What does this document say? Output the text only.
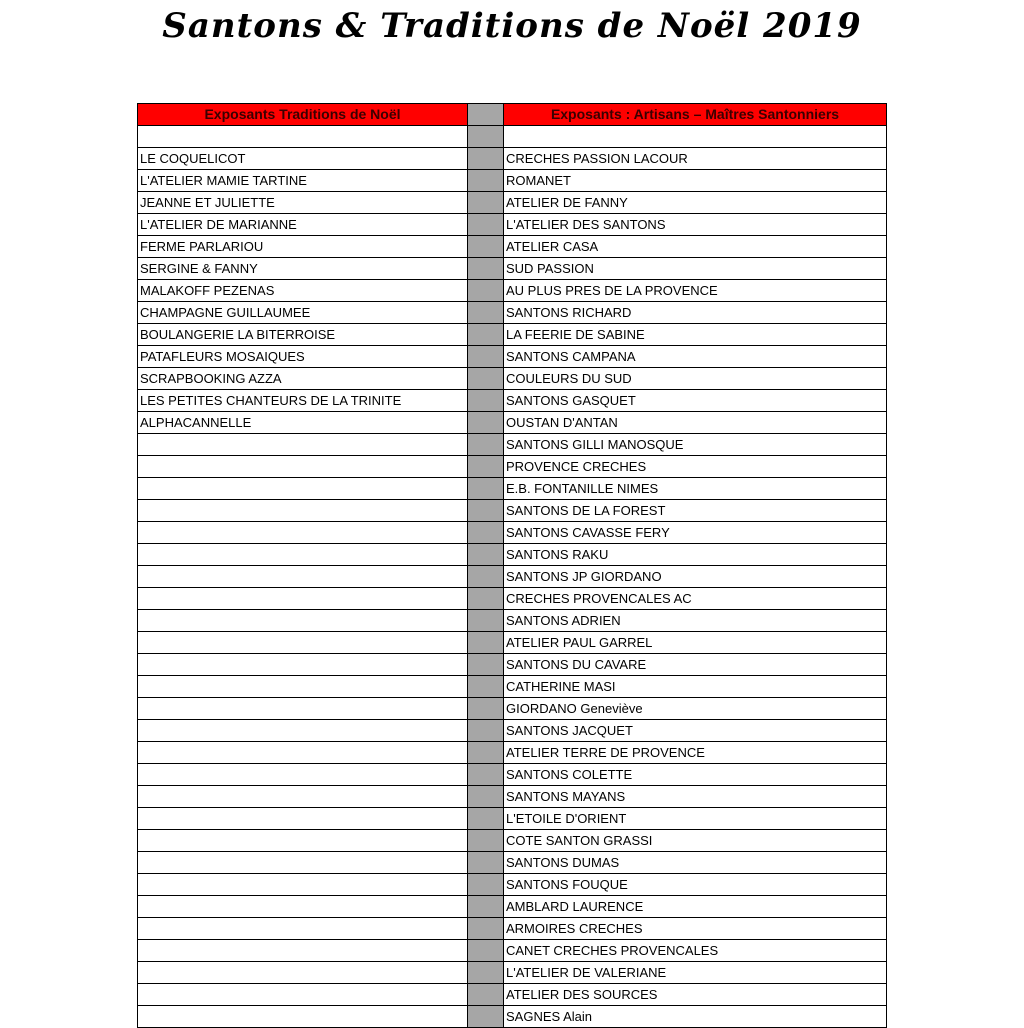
Santons & Traditions de Noël 2019
Exposants Traditions de Noël		Exposants : Artisans – Maîtres Santonniers

LE COQUELICOT		CRECHES PASSION LACOUR
L'ATELIER MAMIE TARTINE		ROMANET
JEANNE ET JULIETTE		ATELIER DE FANNY
L'ATELIER DE MARIANNE		L'ATELIER DES SANTONS
FERME PARLARIOU		ATELIER CASA
SERGINE & FANNY		SUD PASSION
MALAKOFF PEZENAS		AU PLUS PRES DE LA PROVENCE
CHAMPAGNE GUILLAUMEE		SANTONS RICHARD
BOULANGERIE LA BITERROISE		LA FEERIE DE SABINE
PATAFLEURS MOSAIQUES		SANTONS CAMPANA
SCRAPBOOKING AZZA		COULEURS DU SUD
LES PETITES CHANTEURS DE LA TRINITE		SANTONS GASQUET
ALPHACANNELLE		OUSTAN D'ANTAN
		SANTONS GILLI MANOSQUE
		PROVENCE CRECHES
		E.B. FONTANILLE NIMES
		SANTONS DE LA FOREST
		SANTONS CAVASSE FERY
		SANTONS RAKU
		SANTONS JP GIORDANO
		CRECHES PROVENCALES AC
		SANTONS ADRIEN
		ATELIER PAUL GARREL
		SANTONS DU CAVARE
		CATHERINE MASI
		GIORDANO Geneviève
		SANTONS JACQUET
		ATELIER TERRE DE PROVENCE
		SANTONS COLETTE
		SANTONS MAYANS
		L'ETOILE D'ORIENT
		COTE SANTON GRASSI
		SANTONS DUMAS
		SANTONS FOUQUE
		AMBLARD LAURENCE
		ARMOIRES CRECHES
		CANET CRECHES PROVENCALES
		L'ATELIER DE VALERIANE
		ATELIER DES SOURCES
		SAGNES Alain
